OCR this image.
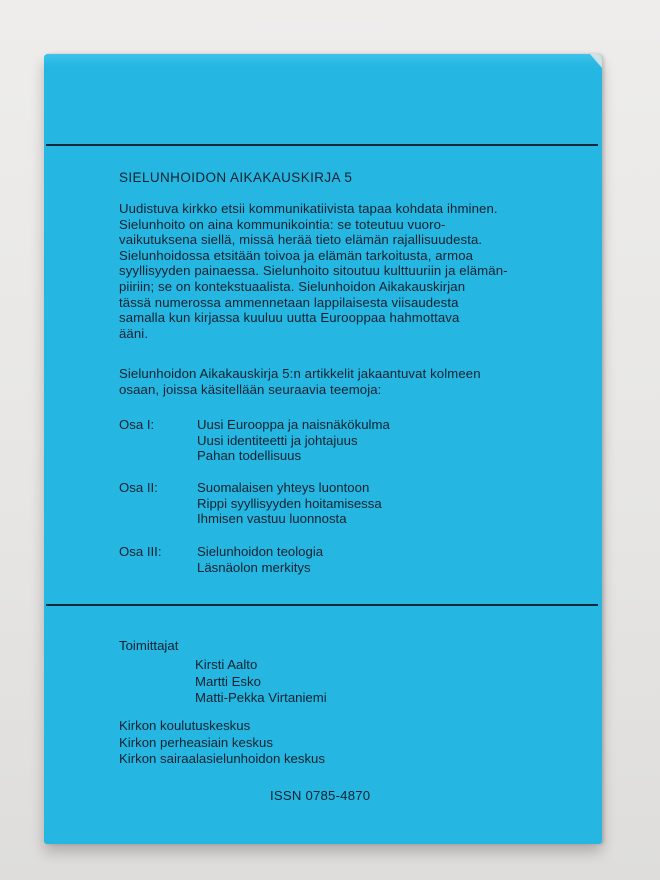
SIELUNHOIDON AIKAKAUSKIRJA 5
Uudistuva kirkko etsii kommunikatiivista tapaa kohdata ihminen.
Sielunhoito on aina kommunikointia: se toteutuu vuoro-
vaikutuksena siellä, missä herää tieto elämän rajallisuudesta.
Sielunhoidossa etsitään toivoa ja elämän tarkoitusta, armoa
syyllisyyden painaessa. Sielunhoito sitoutuu kulttuuriin ja elämän-
piiriin; se on kontekstuaalista. Sielunhoidon Aikakauskirjan
tässä numerossa ammennetaan lappilaisesta viisaudesta
samalla kun kirjassa kuuluu uutta Eurooppaa hahmottava
ääni.
Sielunhoidon Aikakauskirja 5:n artikkelit jakaantuvat kolmeen
osaan, joissa käsitellään seuraavia teemoja:
Osa I:	Uusi Eurooppa ja naisnäkökulma
Uusi identiteetti ja johtajuus
Pahan todellisuus
Osa II:	Suomalaisen yhteys luontoon
Rippi syyllisyyden hoitamisessa
Ihmisen vastuu luonnosta
Osa III:	Sielunhoidon teologia
Läsnäolon merkitys
Toimittajat
Kirsti Aalto
Martti Esko
Matti-Pekka Virtaniemi
Kirkon koulutuskeskus
Kirkon perheasiain keskus
Kirkon sairaalasielunhoidon keskus
ISSN 0785-4870
